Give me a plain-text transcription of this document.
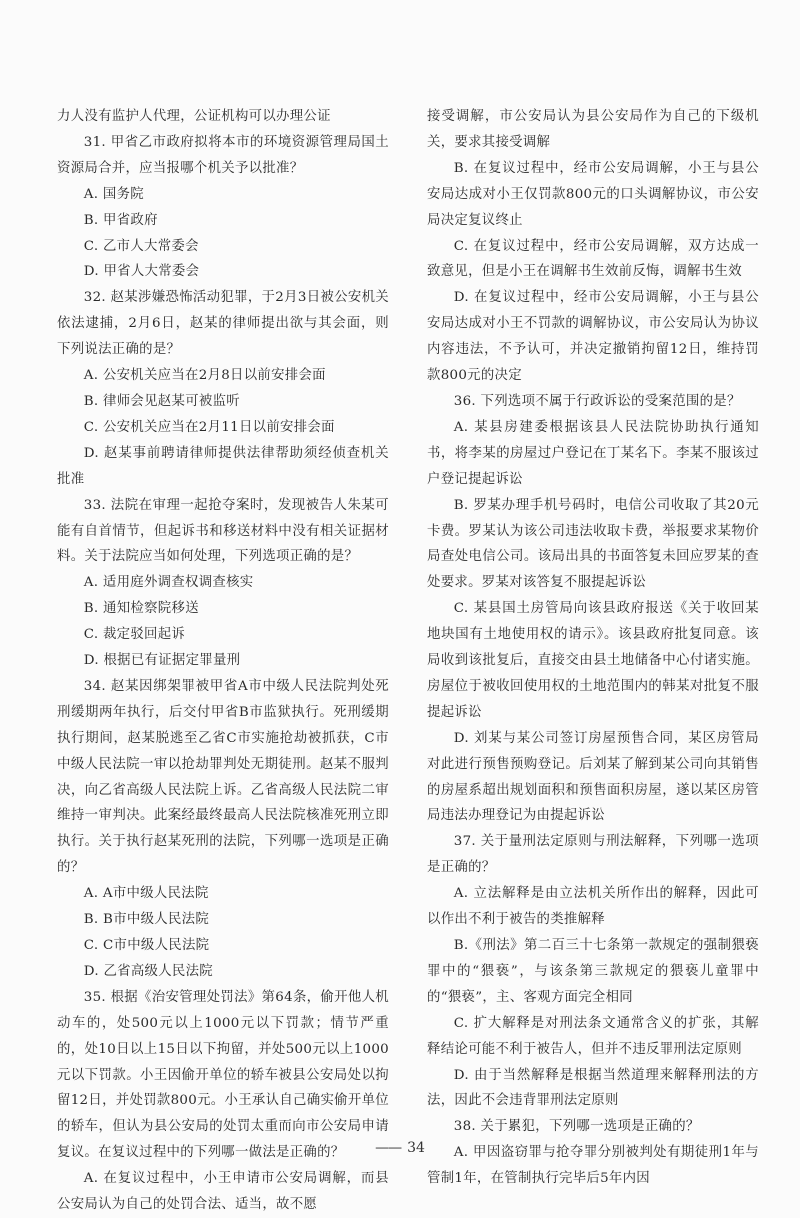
力人没有监护人代理，公证机构可以办理公证

31. 甲省乙市政府拟将本市的环境资源管理局国土资源局合并，应当报哪个机关予以批准？

A. 国务院

B. 甲省政府

C. 乙市人大常委会

D. 甲省人大常委会

32. 赵某涉嫌恐怖活动犯罪，于2月3日被公安机关依法逮捕，2月6日，赵某的律师提出欲与其会面，则下列说法正确的是？

A. 公安机关应当在2月8日以前安排会面

B. 律师会见赵某可被监听

C. 公安机关应当在2月11日以前安排会面

D. 赵某事前聘请律师提供法律帮助须经侦查机关批准

33. 法院在审理一起抢夺案时，发现被告人朱某可能有自首情节，但起诉书和移送材料中没有相关证据材料。关于法院应当如何处理，下列选项正确的是？

A. 适用庭外调查权调查核实

B. 通知检察院移送

C. 裁定驳回起诉

D. 根据已有证据定罪量刑

34. 赵某因绑架罪被甲省A市中级人民法院判处死刑缓期两年执行，后交付甲省B市监狱执行。死刑缓期执行期间，赵某脱逃至乙省C市实施抢劫被抓获，C市中级人民法院一审以抢劫罪判处无期徒刑。赵某不服判决，向乙省高级人民法院上诉。乙省高级人民法院二审维持一审判决。此案经最终最高人民法院核准死刑立即执行。关于执行赵某死刑的法院，下列哪一选项是正确的？

A. A市中级人民法院

B. B市中级人民法院

C. C市中级人民法院

D. 乙省高级人民法院

35. 根据《治安管理处罚法》第64条，偷开他人机动车的，处500元以上1000元以下罚款；情节严重的，处10日以上15日以下拘留，并处500元以上1000元以下罚款。小王因偷开单位的轿车被县公安局处以拘留12日，并处罚款800元。小王承认自己确实偷开单位的轿车，但认为县公安局的处罚太重而向市公安局申请复议。在复议过程中的下列哪一做法是正确的？

A. 在复议过程中，小王申请市公安局调解，而县公安局认为自己的处罚合法、适当，故不愿

接受调解，市公安局认为县公安局作为自己的下级机关，要求其接受调解

B. 在复议过程中，经市公安局调解，小王与县公安局达成对小王仅罚款800元的口头调解协议，市公安局决定复议终止

C. 在复议过程中，经市公安局调解，双方达成一致意见，但是小王在调解书生效前反悔，调解书生效

D. 在复议过程中，经市公安局调解，小王与县公安局达成对小王不罚款的调解协议，市公安局认为协议内容违法，不予认可，并决定撤销拘留12日，维持罚款800元的决定

36. 下列选项不属于行政诉讼的受案范围的是？

A. 某县房建委根据该县人民法院协助执行通知书，将李某的房屋过户登记在丁某名下。李某不服该过户登记提起诉讼

B. 罗某办理手机号码时，电信公司收取了其20元卡费。罗某认为该公司违法收取卡费，举报要求某物价局查处电信公司。该局出具的书面答复未回应罗某的查处要求。罗某对该答复不服提起诉讼

C. 某县国土房管局向该县政府报送《关于收回某地块国有土地使用权的请示》。该县政府批复同意。该局收到该批复后，直接交由县土地储备中心付诸实施。房屋位于被收回使用权的土地范围内的韩某对批复不服提起诉讼

D. 刘某与某公司签订房屋预售合同，某区房管局对此进行预售预购登记。后刘某了解到某公司向其销售的房屋系超出规划面积和预售面积房屋，遂以某区房管局违法办理登记为由提起诉讼

37. 关于量刑法定原则与刑法解释，下列哪一选项是正确的？

A. 立法解释是由立法机关所作出的解释，因此可以作出不利于被告的类推解释

B.《刑法》第二百三十七条第一款规定的强制猥亵罪中的“猥亵”，与该条第三款规定的猥亵儿童罪中的“猥亵”，主、客观方面完全相同

C. 扩大解释是对刑法条文通常含义的扩张，其解释结论可能不利于被告人，但并不违反罪刑法定原则

D. 由于当然解释是根据当然道理来解释刑法的方法，因此不会违背罪刑法定原则

38. 关于累犯，下列哪一选项是正确的？

A. 甲因盗窃罪与抢夺罪分别被判处有期徒刑1年与管制1年，在管制执行完毕后5年内因

—— 34
